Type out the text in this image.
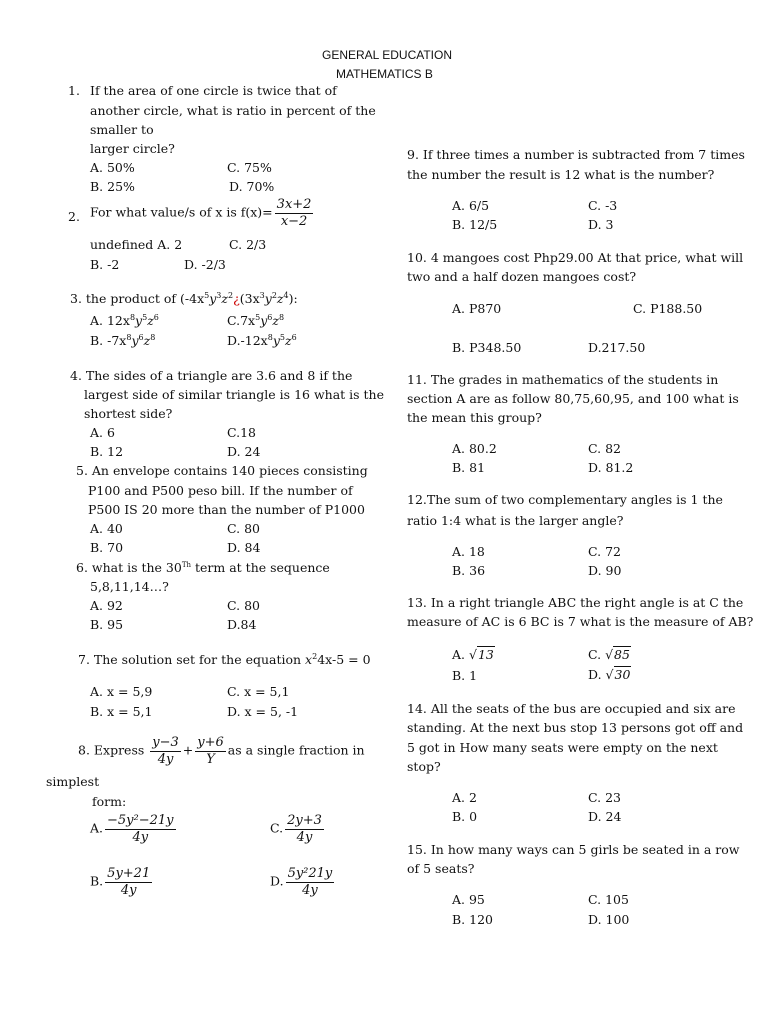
GENERAL EDUCATION
MATHEMATICS B
1. If the area of one circle is twice that of
another circle, what is ratio in percent of the
smaller to
larger circle?
A. 50%	C. 75%
B. 25%	D. 70%
2. For what value/s of x is $f(x)= \frac{3x+2}{x-2}$
undefined A. 2	C. 2/3
B. -2	D. -2/3
3. the product of ($-4x^5y^3z^2¿(3x^3y^2z^4)$:
A. $12x^8y^5z^6$	$C.7x^5y^6z^8$
B. $-7x^8y^6z^8$	$D.-12x^8y^5z^6$
4. The sides of a triangle are 3.6 and 8 if the
largest side of similar triangle is 16 what is the
shortest side?
A. 6	C.18
B. 12	D. 24
5. An envelope contains 140 pieces consisting
P100 and P500 peso bill. If the number of
P500 IS 20 more than the number of P1000
A. 40	C. 80
B. 70	D. 84
6. what is the 30Th term at the sequence
5,8,11,14…?
A. 92	C. 80
B. 95	D.84
7. The solution set for the equation $x^24x-5 = 0$
A. x = 5,9	C. x = 5,1
B. x = 5,1	D. x = 5, -1
8. Express $\frac{y-3}{4y} + \frac{y+6}{Y}$ as a single fraction in
simplest
form:
A. $\frac{\text{−5y²−21y}}{4y}$	C. $\frac{2y+3}{4y}$
B. $\frac{5y+21}{4y}$	D. $\frac{\text{5y²21y}}{4y}$
9. If three times a number is subtracted from 7 times
the number the result is 12 what is the number?
A. 6/5	C. -3
B. 12/5	D. 3
10. 4 mangoes cost Php29.00 At that price, what will
two and a half dozen mangoes cost?
A. P870	C. P188.50
B. P348.50	D.217.50
11. The grades in mathematics of the students in
section A are as follow 80,75,60,95, and 100 what is
the mean this group?
A. 80.2	C. 82
B. 81	D. 81.2
12.The sum of two complementary angles is 1 the
ratio 1:4 what is the larger angle?
A. 18	C. 72
B. 36	D. 90
13. In a right triangle ABC the right angle is at C the
measure of AC is 6 BC is 7 what is the measure of AB?
A. √13	C. √85
B. 1	D. √30
14. All the seats of the bus are occupied and six are
standing. At the next bus stop 13 persons got off and
5 got in How many seats were empty on the next
stop?
A. 2	C. 23
B. 0	D. 24
15. In how many ways can 5 girls be seated in a row
of 5 seats?
A. 95	C. 105
B. 120	D. 100
